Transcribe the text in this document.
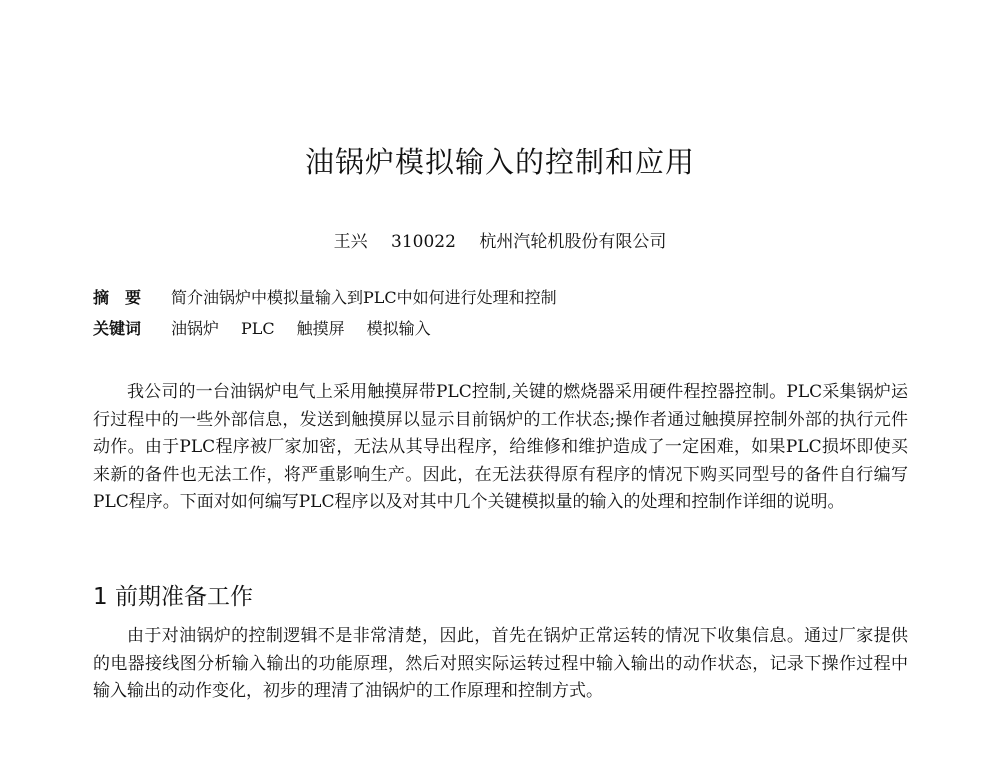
油锅炉模拟输入的控制和应用
王兴 310022 杭州汽轮机股份有限公司
摘　要 简介油锅炉中模拟量输入到PLC中如何进行处理和控制
关键词 油锅炉 PLC 触摸屏 模拟输入

我公司的一台油锅炉电气上采用触摸屏带PLC控制,关键的燃烧器采用硬件程控器控制。PLC采集锅炉运行过程中的一些外部信息，发送到触摸屏以显示目前锅炉的工作状态;操作者通过触摸屏控制外部的执行元件动作。由于PLC程序被厂家加密，无法从其导出程序，给维修和维护造成了一定困难，如果PLC损坏即使买来新的备件也无法工作，将严重影响生产。因此，在无法获得原有程序的情况下购买同型号的备件自行编写PLC程序。下面对如何编写PLC程序以及对其中几个关键模拟量的输入的处理和控制作详细的说明。

1 前期准备工作

由于对油锅炉的控制逻辑不是非常清楚，因此，首先在锅炉正常运转的情况下收集信息。通过厂家提供的电器接线图分析输入输出的功能原理，然后对照实际运转过程中输入输出的动作状态，记录下操作过程中输入输出的动作变化，初步的理清了油锅炉的工作原理和控制方式。
